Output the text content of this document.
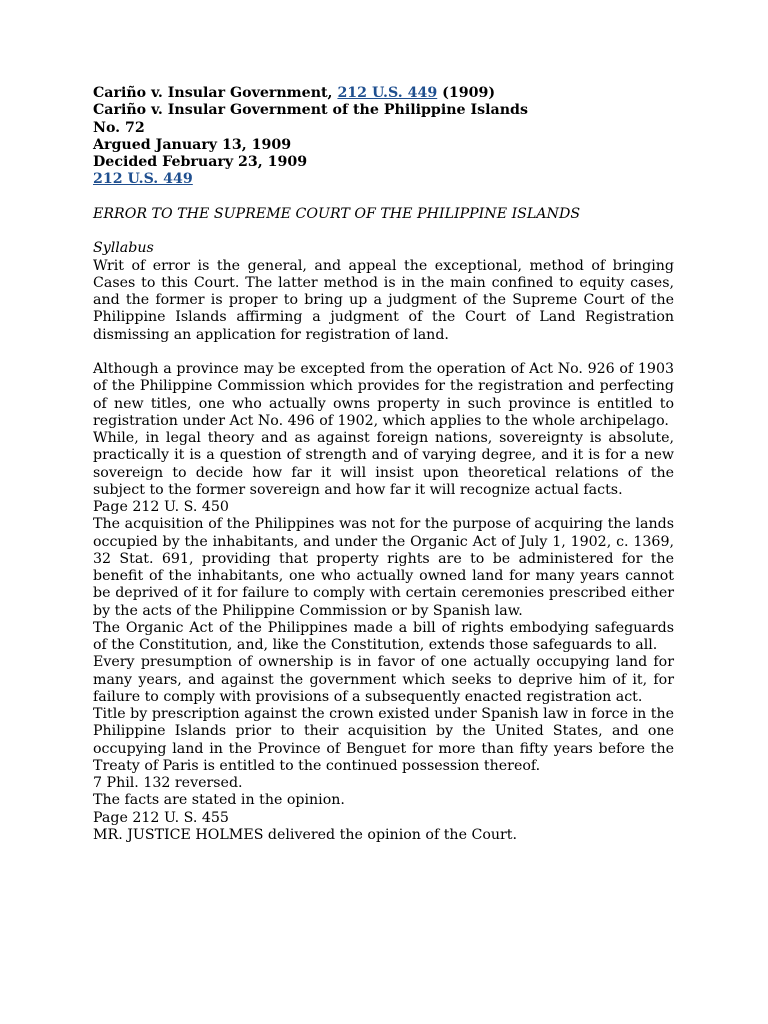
Cariño v. Insular Government, 212 U.S. 449 (1909)
Cariño v. Insular Government of the Philippine Islands
No. 72
Argued January 13, 1909
Decided February 23, 1909
212 U.S. 449
ERROR TO THE SUPREME COURT OF THE PHILIPPINE ISLANDS
Syllabus
Writ of error is the general, and appeal the exceptional, method of bringing Cases to this Court. The latter method is in the main confined to equity cases, and the former is proper to bring up a judgment of the Supreme Court of the Philippine Islands affirming a judgment of the Court of Land Registration dismissing an application for registration of land.
Although a province may be excepted from the operation of Act No. 926 of 1903 of the Philippine Commission which provides for the registration and perfecting of new titles, one who actually owns property in such province is entitled to registration under Act No. 496 of 1902, which applies to the whole archipelago.
While, in legal theory and as against foreign nations, sovereignty is absolute, practically it is a question of strength and of varying degree, and it is for a new sovereign to decide how far it will insist upon theoretical relations of the subject to the former sovereign and how far it will recognize actual facts.
Page 212 U. S. 450
The acquisition of the Philippines was not for the purpose of acquiring the lands occupied by the inhabitants, and under the Organic Act of July 1, 1902, c. 1369, 32 Stat. 691, providing that property rights are to be administered for the benefit of the inhabitants, one who actually owned land for many years cannot be deprived of it for failure to comply with certain ceremonies prescribed either by the acts of the Philippine Commission or by Spanish law.
The Organic Act of the Philippines made a bill of rights embodying safeguards of the Constitution, and, like the Constitution, extends those safeguards to all.
Every presumption of ownership is in favor of one actually occupying land for many years, and against the government which seeks to deprive him of it, for failure to comply with provisions of a subsequently enacted registration act.
Title by prescription against the crown existed under Spanish law in force in the Philippine Islands prior to their acquisition by the United States, and one occupying land in the Province of Benguet for more than fifty years before the Treaty of Paris is entitled to the continued possession thereof.
7 Phil. 132 reversed.
The facts are stated in the opinion.
Page 212 U. S. 455
MR. JUSTICE HOLMES delivered the opinion of the Court.
